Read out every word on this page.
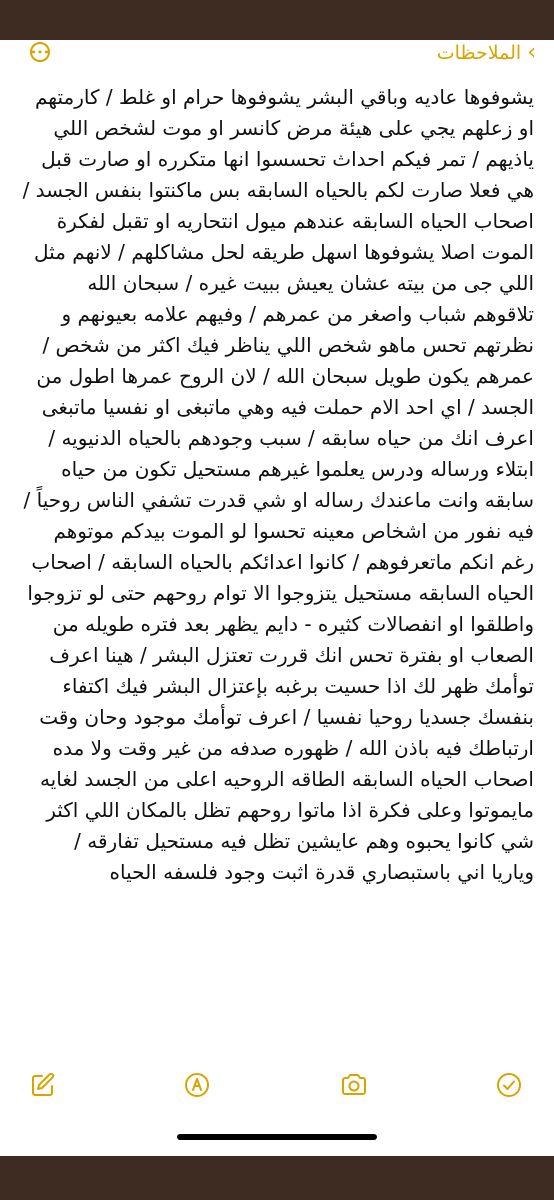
•••	›
الملاحظات
يشوفوها عاديه وباقي البشر يشوفوها حرام او غلط / كارمتهم او زعلهم يجي على هيئة مرض كانسر او موت لشخص اللي ياذيهم / تمر فيكم احداث تحسسوا انها متكرره او صارت قبل هي فعلا صارت لكم بالحياه السابقه بس ماكنتوا بنفس الجسد / اصحاب الحياه السابقه عندهم ميول انتحاريه او تقبل لفكرة الموت اصلا يشوفوها اسهل طريقه لحل مشاكلهم / لانهم مثل اللي جى من بيته عشان يعيش ببيت غيره / سبحان الله تلاقوهم شباب واصغر من عمرهم / وفيهم علامه بعيونهم و نظرتهم تحس ماهو شخص اللي يناظر فيك اكثر من شخص / عمرهم يكون طويل سبحان الله / لان الروح عمرها اطول من الجسد / اي احد الام حملت فيه وهي ماتبغى او نفسيا ماتبغى اعرف انك من حياه سابقه / سبب وجودهم بالحياه الدنيويه / ابتلاء ورساله ودرس يعلموا غيرهم مستحيل تكون من حياه سابقه وانت ماعندك رساله او شي قدرت تشفي الناس روحياً / فيه نفور من اشخاص معينه تحسوا لو الموت بيدكم موتوهم رغم انكم ماتعرفوهم / كانوا اعدائكم بالحياه السابقه / اصحاب الحياه السابقه مستحيل يتزوجوا الا توام روحهم حتى لو تزوجوا واطلقوا او انفصالات كثيره - دايم يظهر بعد فتره طويله من الصعاب او بفترة تحس انك قررت تعتزل البشر / هينا اعرف توأمك ظهر لك اذا حسيت برغبه بإعتزال البشر فيك اكتفاء بنفسك جسديا روحيا نفسيا / اعرف توأمك موجود وحان وقت ارتباطك فيه باذن الله / ظهوره صدفه من غير وقت ولا مده اصحاب الحياه السابقه الطاقه الروحيه اعلى من الجسد لغايه مايموتوا وعلى فكرة اذا ماتوا روحهم تظل بالمكان اللي اكثر شي كانوا يحبوه وهم عايشين تظل فيه مستحيل تفارقه /
وياريا اني باستبصاري قدرة اثبت وجود فلسفه الحياه
